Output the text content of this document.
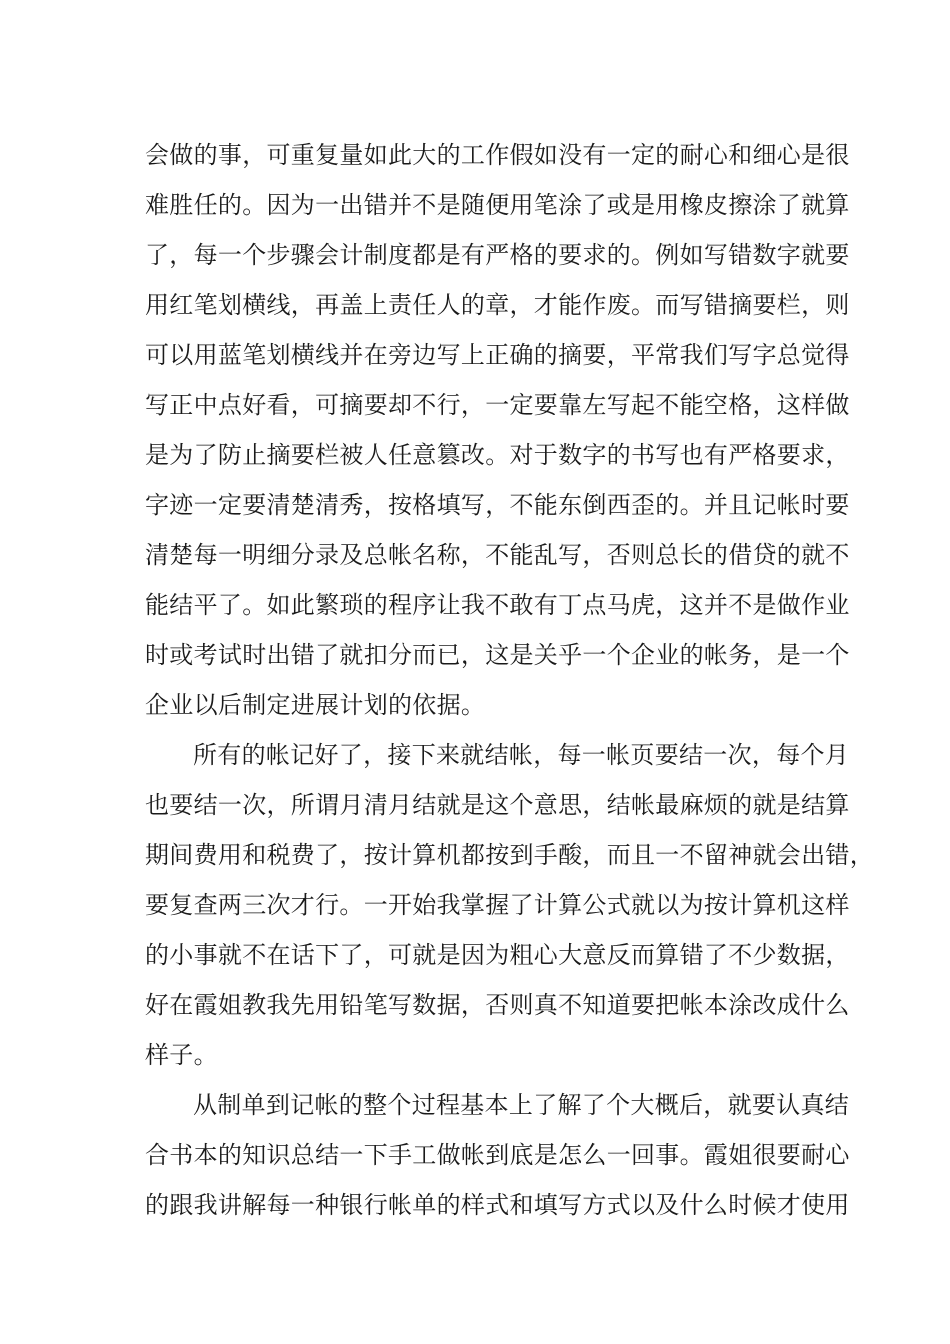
会做的事，可重复量如此大的工作假如没有一定的耐心和细心是很
难胜任的。因为一出错并不是随便用笔涂了或是用橡皮擦涂了就算
了，每一个步骤会计制度都是有严格的要求的。例如写错数字就要
用红笔划横线，再盖上责任人的章，才能作废。而写错摘要栏，则
可以用蓝笔划横线并在旁边写上正确的摘要，平常我们写字总觉得
写正中点好看，可摘要却不行，一定要靠左写起不能空格，这样做
是为了防止摘要栏被人任意篡改。对于数字的书写也有严格要求，
字迹一定要清楚清秀，按格填写，不能东倒西歪的。并且记帐时要
清楚每一明细分录及总帐名称，不能乱写，否则总长的借贷的就不
能结平了。如此繁琐的程序让我不敢有丁点马虎，这并不是做作业
时或考试时出错了就扣分而已，这是关乎一个企业的帐务，是一个
企业以后制定进展计划的依据。
所有的帐记好了，接下来就结帐，每一帐页要结一次，每个月
也要结一次，所谓月清月结就是这个意思，结帐最麻烦的就是结算
期间费用和税费了，按计算机都按到手酸，而且一不留神就会出错，
要复查两三次才行。一开始我掌握了计算公式就以为按计算机这样
的小事就不在话下了，可就是因为粗心大意反而算错了不少数据，
好在霞姐教我先用铅笔写数据，否则真不知道要把帐本涂改成什么
样子。
从制单到记帐的整个过程基本上了解了个大概后，就要认真结
合书本的知识总结一下手工做帐到底是怎么一回事。霞姐很要耐心
的跟我讲解每一种银行帐单的样式和填写方式以及什么时候才使用
